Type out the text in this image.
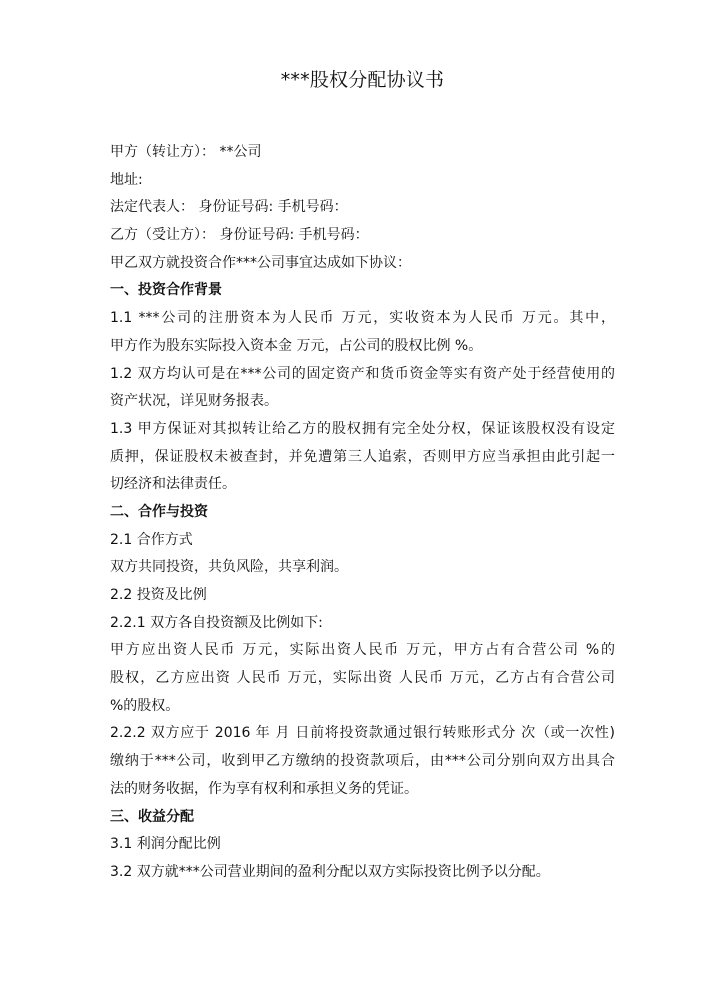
***股权分配协议书
甲方（转让方）： **公司
地址:
法定代表人： 身份证号码: 手机号码：
乙方（受让方）： 身份证号码: 手机号码：
甲乙双方就投资合作***公司事宜达成如下协议：
一、投资合作背景
1.1 ***公司的注册资本为人民币 万元，实收资本为人民币 万元。其中，
甲方作为股东实际投入资本金 万元，占公司的股权比例 %。
1.2 双方均认可是在***公司的固定资产和货币资金等实有资产处于经营使用的
资产状况，详见财务报表。
1.3 甲方保证对其拟转让给乙方的股权拥有完全处分权，保证该股权没有设定
质押，保证股权未被查封，并免遭第三人追索，否则甲方应当承担由此引起一
切经济和法律责任。
二、合作与投资
2.1 合作方式
双方共同投资，共负风险，共享利润。
2.2 投资及比例
2.2.1 双方各自投资额及比例如下:
甲方应出资人民币 万元，实际出资人民币 万元，甲方占有合营公司 %的
股权，乙方应出资 人民币 万元，实际出资 人民币 万元，乙方占有合营公司
%的股权。
2.2.2 双方应于 2016 年 月 日前将投资款通过银行转账形式分 次（或一次性)
缴纳于***公司，收到甲乙方缴纳的投资款项后，由***公司分别向双方出具合
法的财务收据，作为享有权利和承担义务的凭证。
三、收益分配
3.1 利润分配比例
3.2 双方就***公司营业期间的盈利分配以双方实际投资比例予以分配。
